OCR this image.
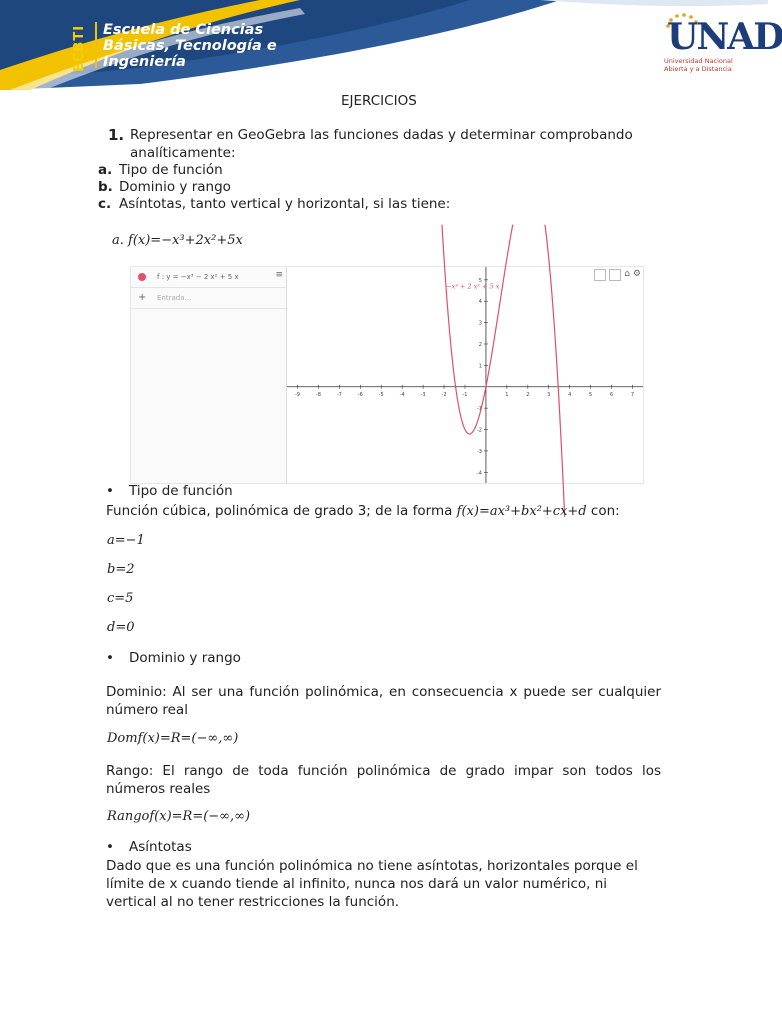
ECBTI Escuela de Ciencias
Básicas, Tecnología e
Ingeniería
UNAD
Universidad Nacional
Abierta y a Distancia
EJERCICIOS
1. Representar en GeoGebra las funciones dadas y determinar comprobando
analíticamente:
a. Tipo de función
b. Dominio y rango
c. Asíntotas, tanto vertical y horizontal, si las tiene:
a. f(x)=−x³+2x²+5x
f : y = −x³ − 2 x² + 5 x	≡
+ Entrada...
⌂ ⚙
-9	-8	-7	-6	-5	-4	-3	-2	-1	1	2	3	4	5	6	7
5
4
3
2
1
-1
-2
-3
-4
−x³ + 2 x² + 5 x
• Tipo de función
Función cúbica, polinómica de grado 3; de la forma f(x)=ax³+bx²+cx+d con:
a=−1
b=2
c=5
d=0
• Dominio y rango
Dominio: Al ser una función polinómica, en consecuencia x puede ser cualquier número real
Domf(x)=R=(−∞,∞)
Rango: El rango de toda función polinómica de grado impar son todos los números reales
Rangof(x)=R=(−∞,∞)
• Asíntotas
Dado que es una función polinómica no tiene asíntotas, horizontales porque el límite de x cuando tiende al infinito, nunca nos dará un valor numérico, ni vertical al no tener restricciones la función.
